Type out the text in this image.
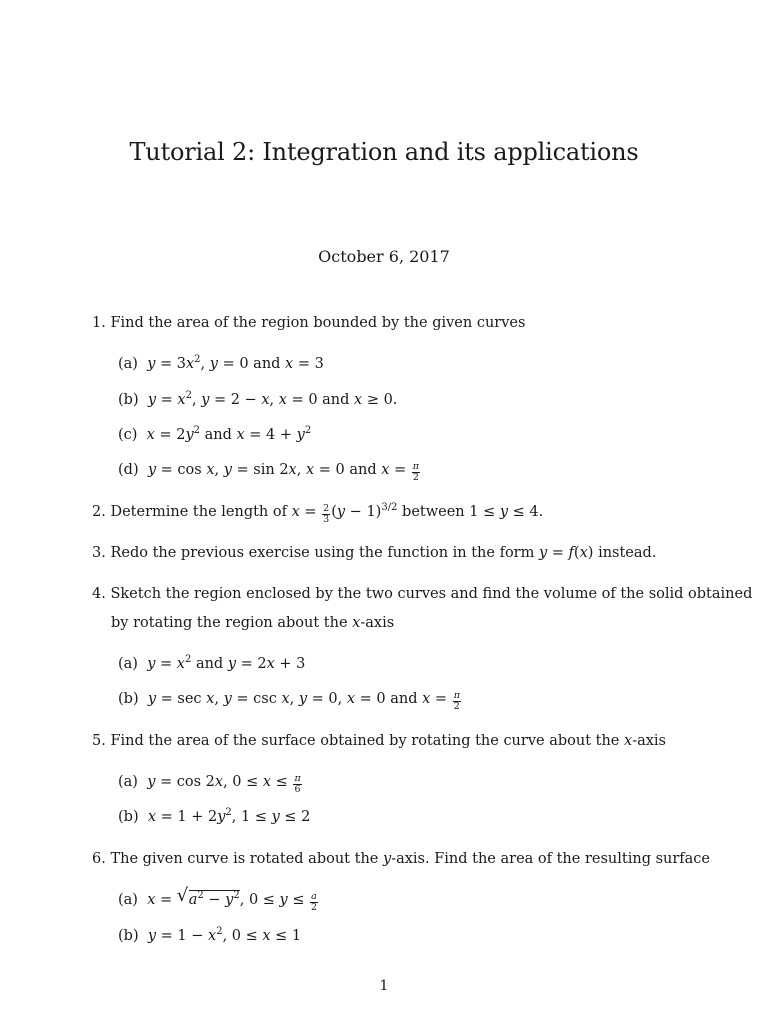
Tutorial 2: Integration and its applications
October 6, 2017
1. Find the area of the region bounded by the given curves
(a) $y = 3x^2$, y = 0 and x = 3
(b) $y = x^2$, y = 2 − x, x = 0 and x ≥ 0.
(c) $x = 2y^2$ and $x = 4 + y^2$
(d) y = cos x, y = sin 2x, x = 0 and $x = \frac{\pi}{2}$
2. Determine the length of $x = \frac{2}{3} (y - 1)^{3/2}$ between 1 ≤ y ≤ 4.
3. Redo the previous exercise using the function in the form y = f(x) instead.
4. Sketch the region enclosed by the two curves and find the volume of the solid obtained
by rotating the region about the x-axis
(a) $y = x^2$ and y = 2x + 3
(b) y = sec x, y = csc x, y = 0, x = 0 and $x = \frac{\pi}{2}$
5. Find the area of the surface obtained by rotating the curve about the x-axis
(a) y = cos 2x, $0 \le x \le \frac{\pi}{6}$
(b) $x = 1 + 2y^2$, 1 ≤ y ≤ 2
6. The given curve is rotated about the y-axis. Find the area of the resulting surface
(a) x = √ $a^2 - y^2$, $0 \le y \le \frac{a}{2}$
(b) $y = 1 - x^2$, 0 ≤ x ≤ 1
1
